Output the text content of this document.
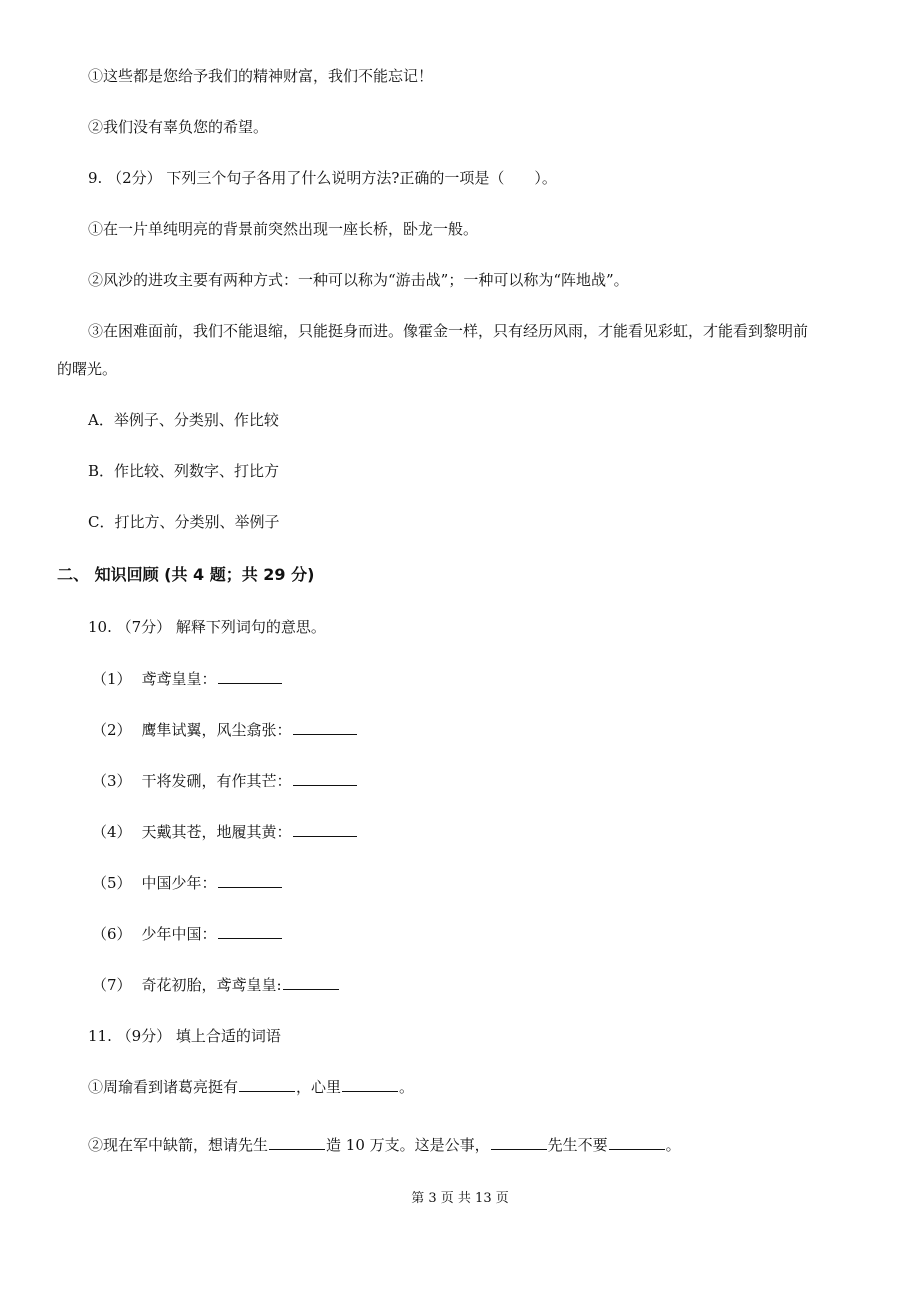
①这些都是您给予我们的精神财富，我们不能忘记！
②我们没有辜负您的希望。
9. （2分） 下列三个句子各用了什么说明方法?正确的一项是（　　）。
①在一片单纯明亮的背景前突然出现一座长桥，卧龙一般。
②风沙的进攻主要有两种方式：一种可以称为“游击战”；一种可以称为“阵地战”。
③在困难面前，我们不能退缩，只能挺身而进。像霍金一样，只有经历风雨，才能看见彩虹，才能看到黎明前
的曙光。
A．举例子、分类别、作比较
B．作比较、列数字、打比方
C．打比方、分类别、举例子
二、 知识回顾 (共 4 题；共 29 分)
10. （7分） 解释下列词句的意思。
（1） 鸢鸢皇皇：
（2） 鹰隼试翼，风尘翕张：
（3） 干将发硎，有作其芒：
（4） 天戴其苍，地履其黄：
（5） 中国少年：
（6） 少年中国：
（7） 奇花初胎，鸢鸢皇皇:
11. （9分） 填上合适的词语
①周瑜看到诸葛亮挺有	，心里	。
②现在军中缺箭，想请先生	造 10 万支。这是公事，	先生不要	。
第 3 页 共 13 页
